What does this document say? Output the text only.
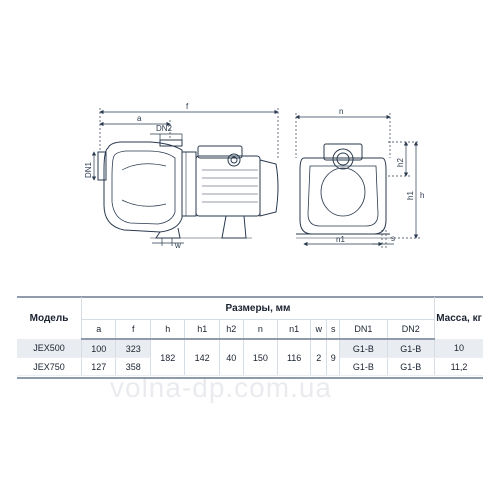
f
a
DN2
DN1
w
n
h2
h1 h
n1	s
Модель	Размеры, мм											Масса, кг
	a	f	h	h1	h2	n	n1	w	s	DN1	DN2	
JEX500	100	323	182	142	40	150	116	2	9	G1-B	G1-B	10
JEX750	127	358								G1-B	G1-B	11,2
volna-dp.com.ua
